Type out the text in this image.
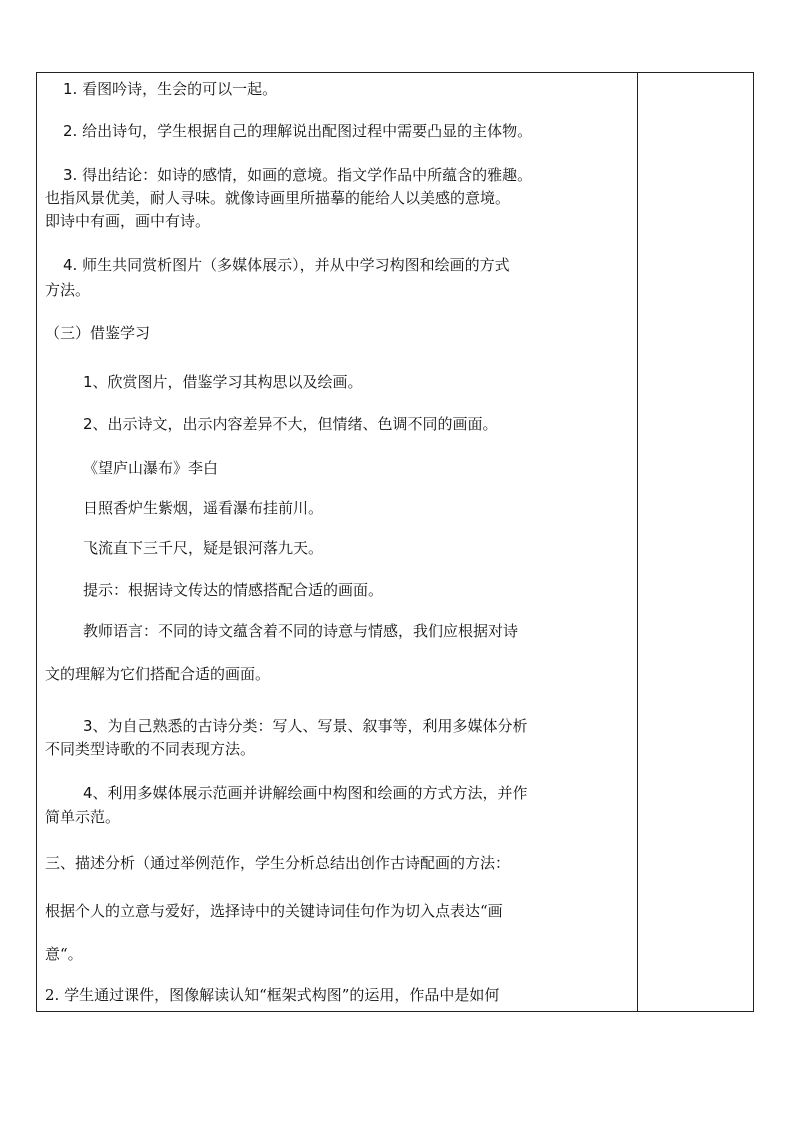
1. 看图吟诗，生会的可以一起。
2. 给出诗句，学生根据自己的理解说出配图过程中需要凸显的主体物。
3. 得出结论：如诗的感情，如画的意境。指文学作品中所蕴含的雅趣。
也指风景优美，耐人寻味。就像诗画里所描摹的能给人以美感的意境。
即诗中有画，画中有诗。
4. 师生共同赏析图片（多媒体展示），并从中学习构图和绘画的方式
方法。
（三）借鉴学习
1、欣赏图片，借鉴学习其构思以及绘画。
2、出示诗文，出示内容差异不大，但情绪、色调不同的画面。
《望庐山瀑布》李白
日照香炉生紫烟，遥看瀑布挂前川。
飞流直下三千尺，疑是银河落九天。
提示：根据诗文传达的情感搭配合适的画面。
教师语言：不同的诗文蕴含着不同的诗意与情感，我们应根据对诗
文的理解为它们搭配合适的画面。
3、为自己熟悉的古诗分类：写人、写景、叙事等，利用多媒体分析
不同类型诗歌的不同表现方法。
4、利用多媒体展示范画并讲解绘画中构图和绘画的方式方法，并作
简单示范。
三、描述分析（通过举例范作，学生分析总结出创作古诗配画的方法：
根据个人的立意与爱好，选择诗中的关键诗词佳句作为切入点表达“画
意“。
2. 学生通过课件，图像解读认知“框架式构图”的运用，作品中是如何
